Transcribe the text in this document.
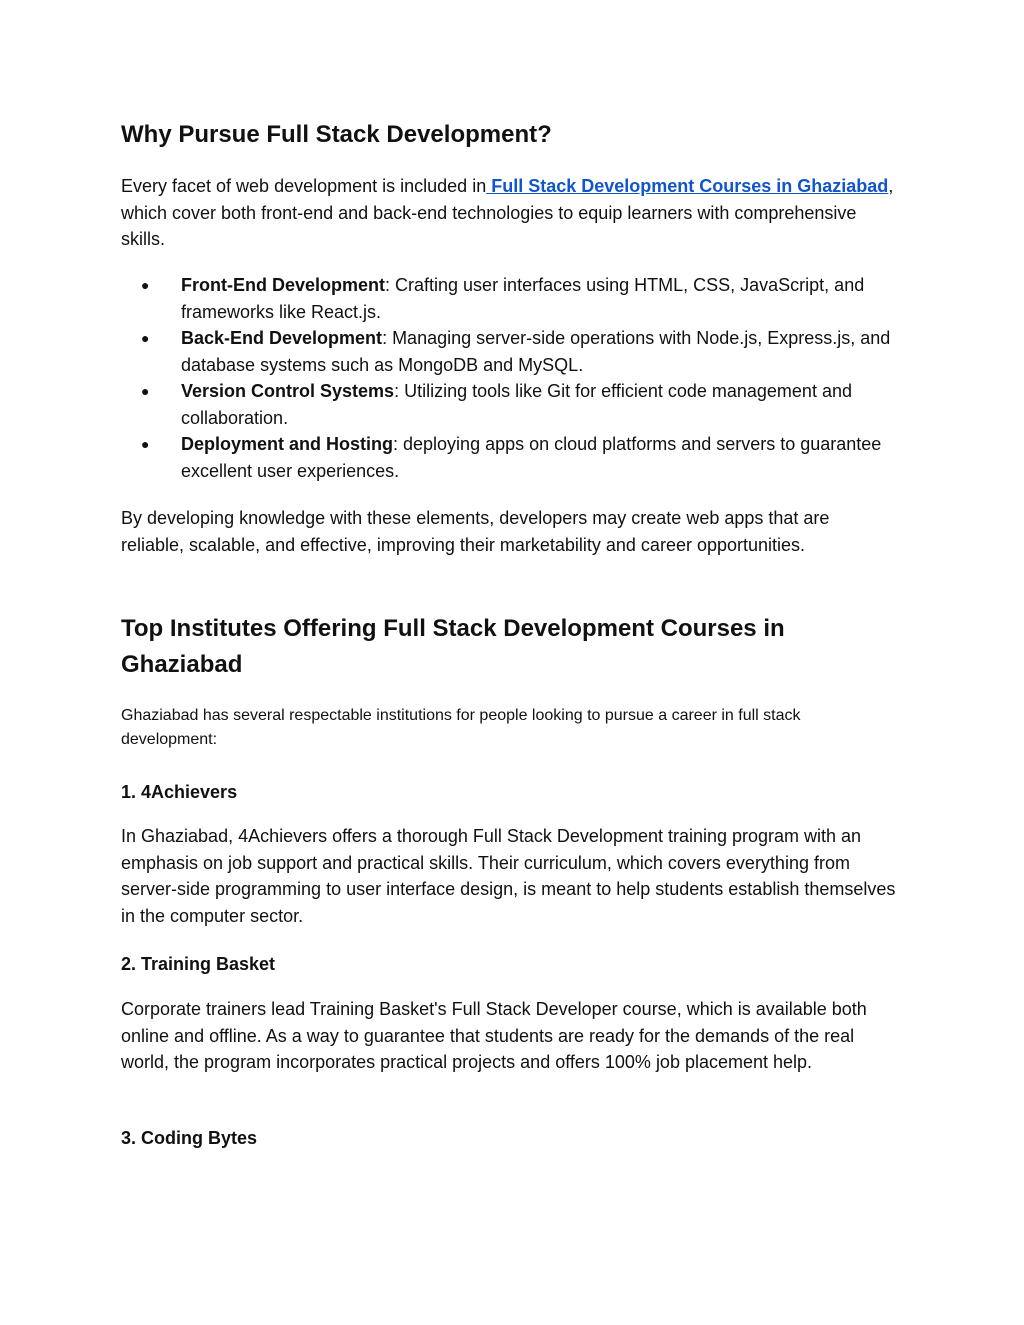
Why Pursue Full Stack Development?

Every facet of web development is included in Full Stack Development Courses in Ghaziabad, which cover both front-end and back-end technologies to equip learners with comprehensive skills.

● Front-End Development: Crafting user interfaces using HTML, CSS, JavaScript, and frameworks like React.js.
● Back-End Development: Managing server-side operations with Node.js, Express.js, and database systems such as MongoDB and MySQL.
● Version Control Systems: Utilizing tools like Git for efficient code management and collaboration.
● Deployment and Hosting: deploying apps on cloud platforms and servers to guarantee excellent user experiences.

By developing knowledge with these elements, developers may create web apps that are reliable, scalable, and effective, improving their marketability and career opportunities.

Top Institutes Offering Full Stack Development Courses in Ghaziabad

Ghaziabad has several respectable institutions for people looking to pursue a career in full stack development:

1. 4Achievers

In Ghaziabad, 4Achievers offers a thorough Full Stack Development training program with an emphasis on job support and practical skills. Their curriculum, which covers everything from server-side programming to user interface design, is meant to help students establish themselves in the computer sector.

2. Training Basket

Corporate trainers lead Training Basket's Full Stack Developer course, which is available both online and offline. As a way to guarantee that students are ready for the demands of the real world, the program incorporates practical projects and offers 100% job placement help.

3. Coding Bytes
